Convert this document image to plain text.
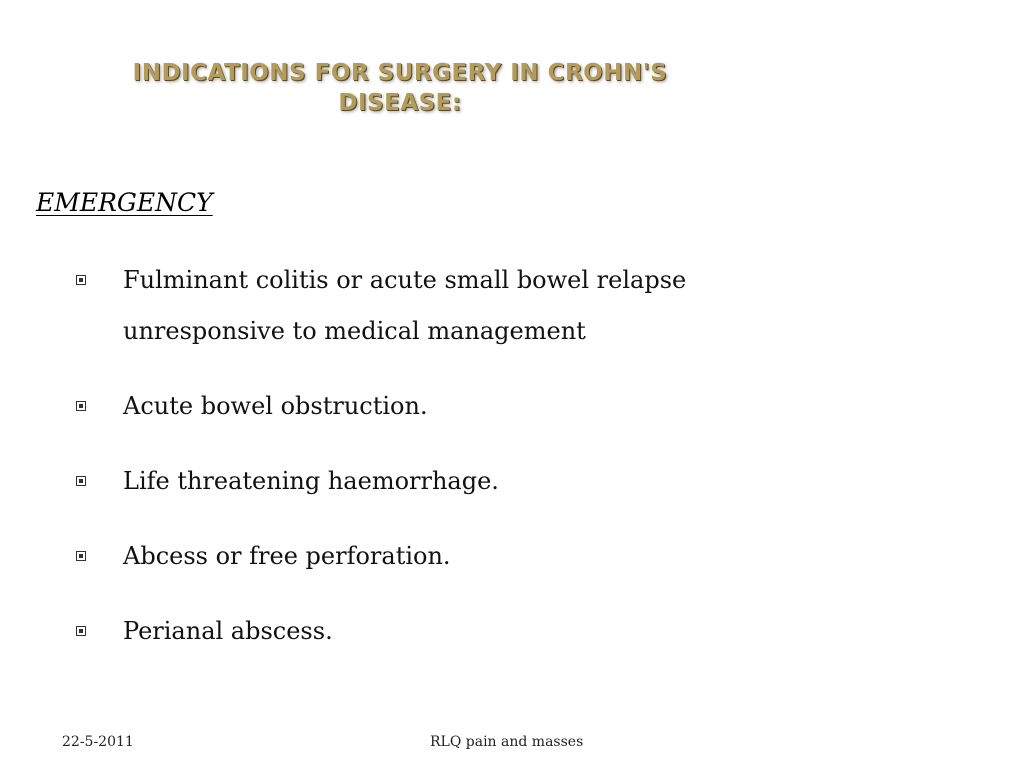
INDICATIONS FOR SURGERY IN CROHN'S DISEASE:
EMERGENCY
Fulminant colitis or acute small bowel relapse unresponsive to medical management
Acute bowel obstruction.
Life threatening haemorrhage.
Abcess or free perforation.
Perianal abscess.
22-5-2011	RLQ pain and masses
